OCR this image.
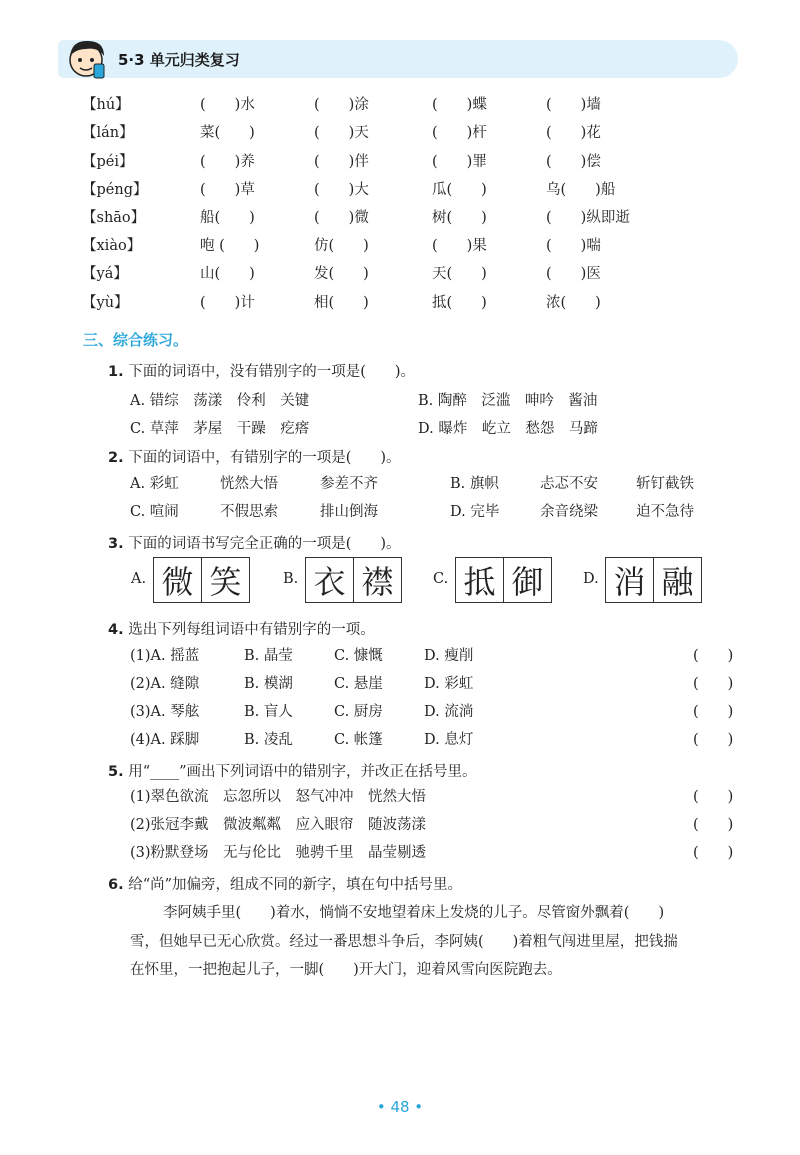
5·3 单元归类复习
【hú】	(　　)水	(　　)涂	(　　)蝶	(　　)墙
【lán】	菜(　　)	(　　)天	(　　)杆	(　　)花
【péi】	(　　)养	(　　)伴	(　　)罪	(　　)偿
【péng】	(　　)草	(　　)大	瓜(　　)	乌(　　)船
【shāo】	船(　　)	(　　)微	树(　　)	(　　)纵即逝
【xiào】	咆 (　　)	仿(　　)	(　　)果	(　　)喘
【yá】	山(　　)	发(　　)	天(　　)	(　　)医
【yù】	(　　)计	相(　　)	抵(　　)	浓(　　)
三、综合练习。
1. 下面的词语中，没有错别字的一项是(　　)。
A. 错综　荡漾　伶利　关键	B. 陶醉　泛滥　呻吟　酱油
C. 草萍　茅屋　干躁　疙瘩	D. 曝炸　屹立　愁怨　马蹄
2. 下面的词语中，有错别字的一项是(　　)。
A. 彩虹	恍然大悟	参差不齐	B. 旗帜	忐忑不安	斩钉截铁
C. 喧闹	不假思索	排山倒海	D. 完毕	余音绕梁	迫不急待
3. 下面的词语书写完全正确的一项是(　　)。
A. 微 笑	B. 衣 襟	C. 抵 御	D. 消 融
4. 选出下列每组词语中有错别字的一项。
(1)A. 摇蓝	B. 晶莹	C. 慷慨	D. 瘦削	(　　)
(2)A. 缝隙	B. 模湖	C. 悬崖	D. 彩虹	(　　)
(3)A. 琴舷	B. 盲人	C. 厨房	D. 流淌	(　　)
(4)A. 踩脚	B. 凌乱	C. 帐篷	D. 息灯	(　　)
5. 用“____”画出下列词语中的错别字，并改正在括号里。
(1)翠色欲流　忘忽所以　怒气冲冲　恍然大悟	(　　)
(2)张冠李戴　微波粼粼　应入眼帘　随波荡漾	(　　)
(3)粉默登场　无与伦比　驰骋千里　晶莹剔透	(　　)
6. 给“尚”加偏旁，组成不同的新字，填在句中括号里。
李阿姨手里(　　)着水，惝惝不安地望着床上发烧的儿子。尽管窗外飘着(　　)
雪，但她早已无心欣赏。经过一番思想斗争后，李阿姨(　　)着粗气闯进里屋，把钱揣
在怀里，一把抱起儿子，一脚(　　)开大门，迎着风雪向医院跑去。
• 48 •
